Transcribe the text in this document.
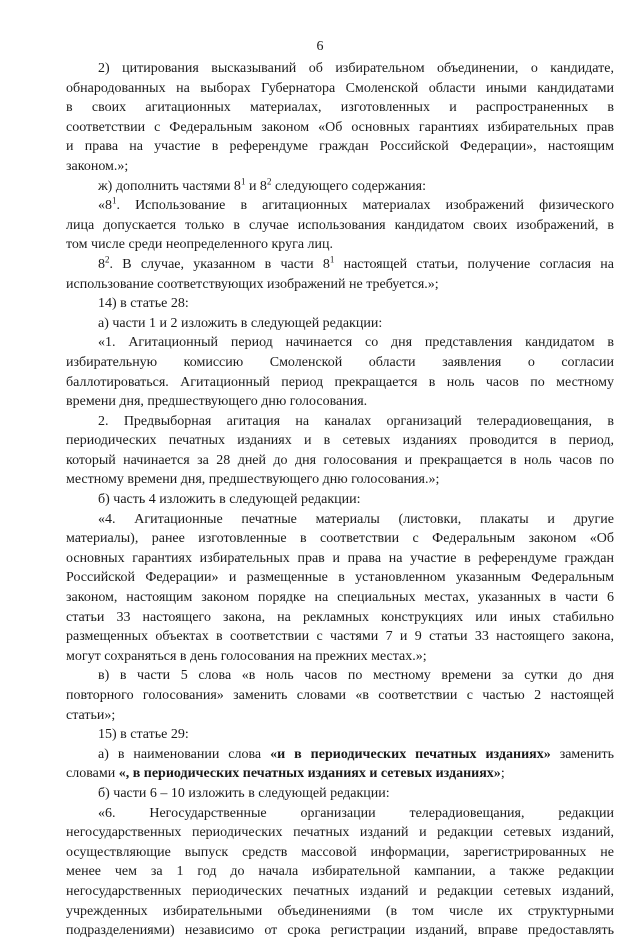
6

2) цитирования высказываний об избирательном объединении, о кандидате,
обнародованных на выборах Губернатора Смоленской области иными кандидатами
в своих агитационных материалах, изготовленных и распространенных в
соответствии с Федеральным законом «Об основных гарантиях избирательных прав
и права на участие в референдуме граждан Российской Федерации», настоящим
законом.»;

ж) дополнить частями $8^1$ и $8^2$ следующего содержания:

«$8^1$. Использование в агитационных материалах изображений физического
лица допускается только в случае использования кандидатом своих изображений, в
том числе среди неопределенного круга лиц.

$8^2$. В случае, указанном в части $8^1$ настоящей статьи, получение согласия на
использование соответствующих изображений не требуется.»;

14) в статье 28:

а) части 1 и 2 изложить в следующей редакции:

«1. Агитационный период начинается со дня представления кандидатом в
избирательную комиссию Смоленской области заявления о согласии
баллотироваться. Агитационный период прекращается в ноль часов по местному
времени дня, предшествующего дню голосования.

2. Предвыборная агитация на каналах организаций телерадиовещания, в
периодических печатных изданиях и в сетевых изданиях проводится в период,
который начинается за 28 дней до дня голосования и прекращается в ноль часов по
местному времени дня, предшествующего дню голосования.»;

б) часть 4 изложить в следующей редакции:

«4. Агитационные печатные материалы (листовки, плакаты и другие
материалы), ранее изготовленные в соответствии с Федеральным законом «Об
основных гарантиях избирательных прав и права на участие в референдуме граждан
Российской Федерации» и размещенные в установленном указанным Федеральным
законом, настоящим законом порядке на специальных местах, указанных в части 6
статьи 33 настоящего закона, на рекламных конструкциях или иных стабильно
размещенных объектах в соответствии с частями 7 и 9 статьи 33 настоящего закона,
могут сохраняться в день голосования на прежних местах.»;

в) в части 5 слова «в ноль часов по местному времени за сутки до дня
повторного голосования» заменить словами «в соответствии с частью 2 настоящей
статьи»;

15) в статье 29:

а) в наименовании слова «и в периодических печатных изданиях» заменить
словами «, в периодических печатных изданиях и сетевых изданиях»;

б) части 6 – 10 изложить в следующей редакции:

«6. Негосударственные организации телерадиовещания, редакции
негосударственных периодических печатных изданий и редакции сетевых изданий,
осуществляющие выпуск средств массовой информации, зарегистрированных не
менее чем за 1 год до начала избирательной кампании, а также редакции
негосударственных периодических печатных изданий и редакции сетевых изданий,
учрежденных избирательными объединениями (в том числе их структурными
подразделениями) независимо от срока регистрации изданий, вправе предоставлять
